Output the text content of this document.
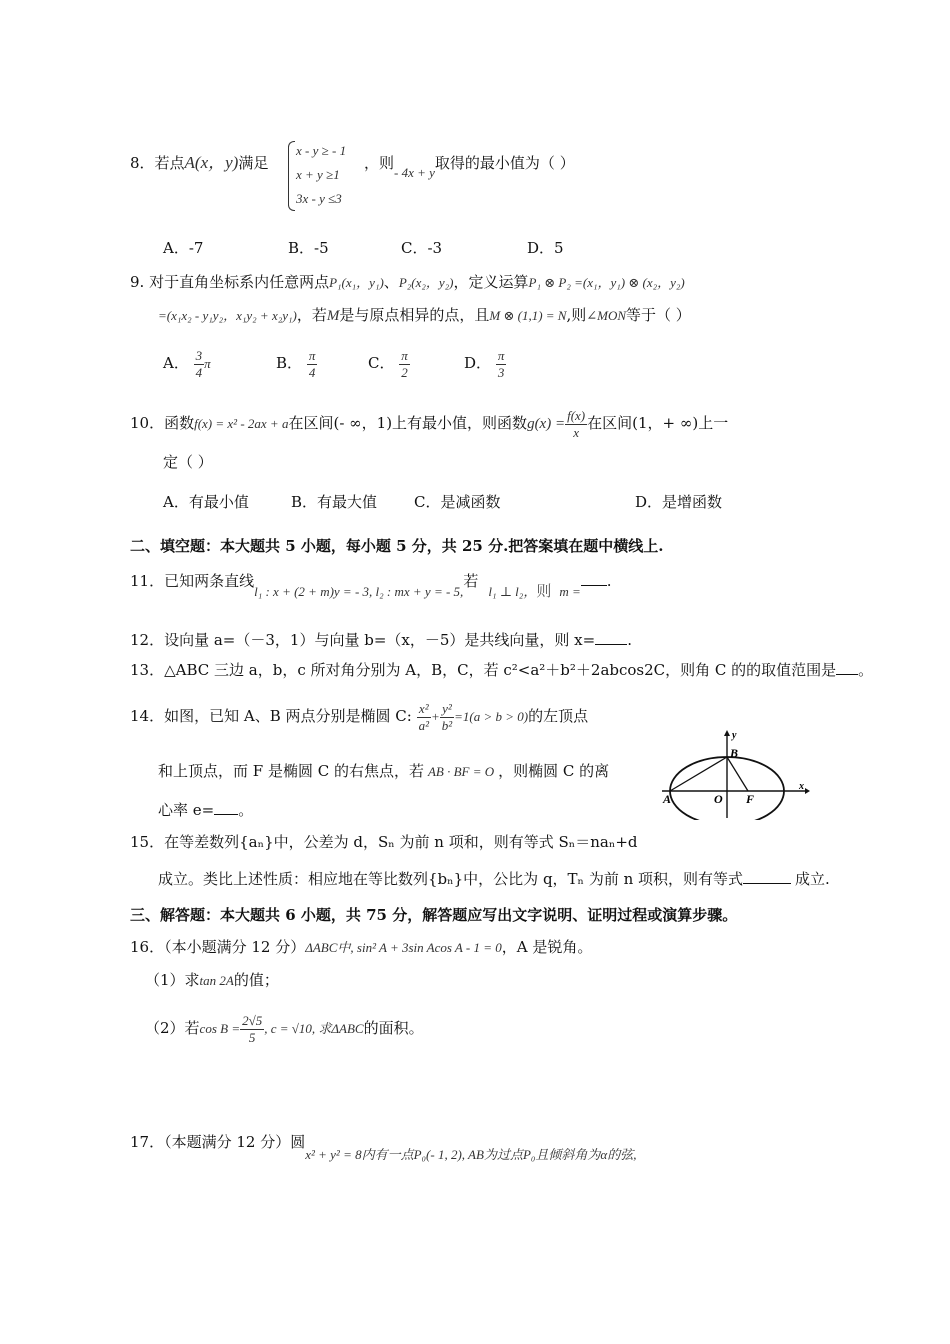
8．若点A(x，y)满足
x - y ≥ - 1
x + y ≥1
3x - y ≤3
，则- 4x + y取得的最小值为（ ）
A．-7	B．-5	C．-3	D．5
9. 对于直角坐标系内任意两点P₁(x₁，y₁)、P₂(x₂，y₂)，定义运算P₁ ⊗ P₂ =(x₁，y₁) ⊗ (x₂，y₂)
=(x₁x₂ - y₁y₂，x₁y₂ + x₂y₁)，若M是与原点相异的点，且M ⊗ (1,1) = N,则∠MON等于（ ）
A． $\frac{3}{4}$ π	B． $\frac{\pi}{4}$	C． $\frac{\pi}{2}$	D． $\frac{\pi}{3}$
10．函数f(x) = x² - 2ax + a在区间(- ∞，1)上有最小值，则函数$g(x) = \frac{f(x)}{x}$ 在区间(1，+ ∞)上一
定（ ）
A．有最小值	B．有最大值 C．是减函数	D．是增函数
二、填空题：本大题共 5 小题，每小题 5 分，共 25 分.把答案填在题中横线上.
11．已知两条直线l₁ : x + (2 + m)y = - 3, l₂ : mx + y = - 5,若l₁ ⊥ l₂，则 m =.
12．设向量 a=（－3，1）与向量 b=（x，－5）是共线向量，则 x= .
13．△ABC 三边 a，b，c 所对角分别为 A，B，C，若 c²<a²＋b²＋2abcos2C，则角 C 的的取值范围是 。
14．如图，已知 A、B 两点分别是椭圆 C: $\frac{\text{x²}}{\text{a²}} + \frac{\text{y²}}{\text{b²}} =1(a > b > 0)$的左顶点
和上顶点，而 F 是椭圆 C 的右焦点，若 AB · BF = O ，则椭圆 C 的离
心率 e= 。
y
x
B
A	O F
15．在等差数列{aₙ}中，公差为 d，Sₙ 为前 n 项和，则有等式 Sₙ＝naₙ+d
成立。类比上述性质：相应地在等比数列{bₙ}中，公比为 q，Tₙ 为前 n 项积，则有等式	成立.
三、解答题：本大题共 6 小题，共 75 分，解答题应写出文字说明、证明过程或演算步骤。
16．（本小题满分 12 分）ΔABC中, sin² A + 3sin Acos A - 1 = 0，A 是锐角。
（1）求tan 2A的值；
（2）若$\cos B = \frac{2√5}{5}$ , c = √10, 求ΔABC的面积。
17．（本题满分 12 分）圆x² + y² = 8内有一点P₀(- 1, 2), AB为过点P₀且倾斜角为α的弦,
